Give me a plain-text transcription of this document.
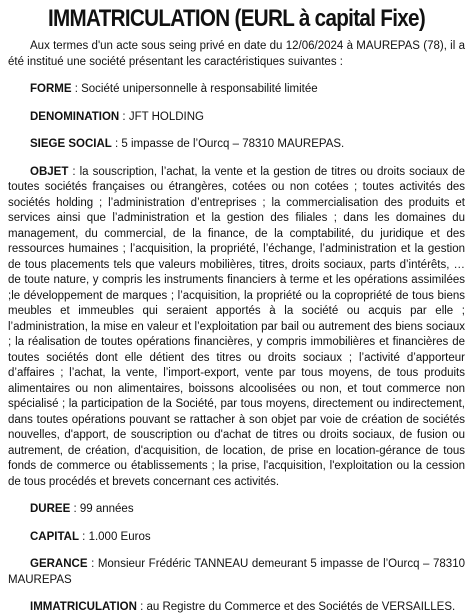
IMMATRICULATION (EURL à capital Fixe)

Aux termes d'un acte sous seing privé en date du 12/06/2024 à MAUREPAS (78), il a été institué une société présentant les caractéristiques suivantes :

FORME : Société unipersonnelle à responsabilité limitée

DENOMINATION : JFT HOLDING

SIEGE SOCIAL : 5 impasse de l’Ourcq – 78310 MAUREPAS.

OBJET : la souscription, l’achat, la vente et la gestion de titres ou droits sociaux de toutes sociétés françaises ou étrangères, cotées ou non cotées ; toutes activités des sociétés holding ; l’administration d’entreprises ; la commercialisation des produits et services ainsi que l’administration et la gestion des filiales ; dans les domaines du management, du commercial, de la finance, de la comptabilité, du juridique et des ressources humaines ; l’acquisition, la propriété, l’échange, l’administration et la gestion de tous placements tels que valeurs mobilières, titres, droits sociaux, parts d’intérêts, … de toute nature, y compris les instruments financiers à terme et les opérations assimilées ;le développement de marques ; l’acquisition, la propriété ou la copropriété de tous biens meubles et immeubles qui seraient apportés à la société ou acquis par elle ; l’administration, la mise en valeur et l’exploitation par bail ou autrement des biens sociaux ; la réalisation de toutes opérations financières, y compris immobilières et financières de toutes sociétés dont elle détient des titres ou droits sociaux ; l’activité d’apporteur d’affaires ; l’achat, la vente, l’import-export, vente par tous moyens, de tous produits alimentaires ou non alimentaires, boissons alcoolisées ou non, et tout commerce non spécialisé ; la participation de la Société, par tous moyens, directement ou indirectement, dans toutes opérations pouvant se rattacher à son objet par voie de création de sociétés nouvelles, d'apport, de souscription ou d'achat de titres ou droits sociaux, de fusion ou autrement, de création, d'acquisition, de location, de prise en location-gérance de tous fonds de commerce ou établissements ; la prise, l'acquisition, l'exploitation ou la cession de tous procédés et brevets concernant ces activités.

DUREE : 99 années

CAPITAL : 1.000 Euros

GERANCE : Monsieur Frédéric TANNEAU demeurant 5 impasse de l’Ourcq – 78310 MAUREPAS

IMMATRICULATION : au Registre du Commerce et des Sociétés de VERSAILLES.
